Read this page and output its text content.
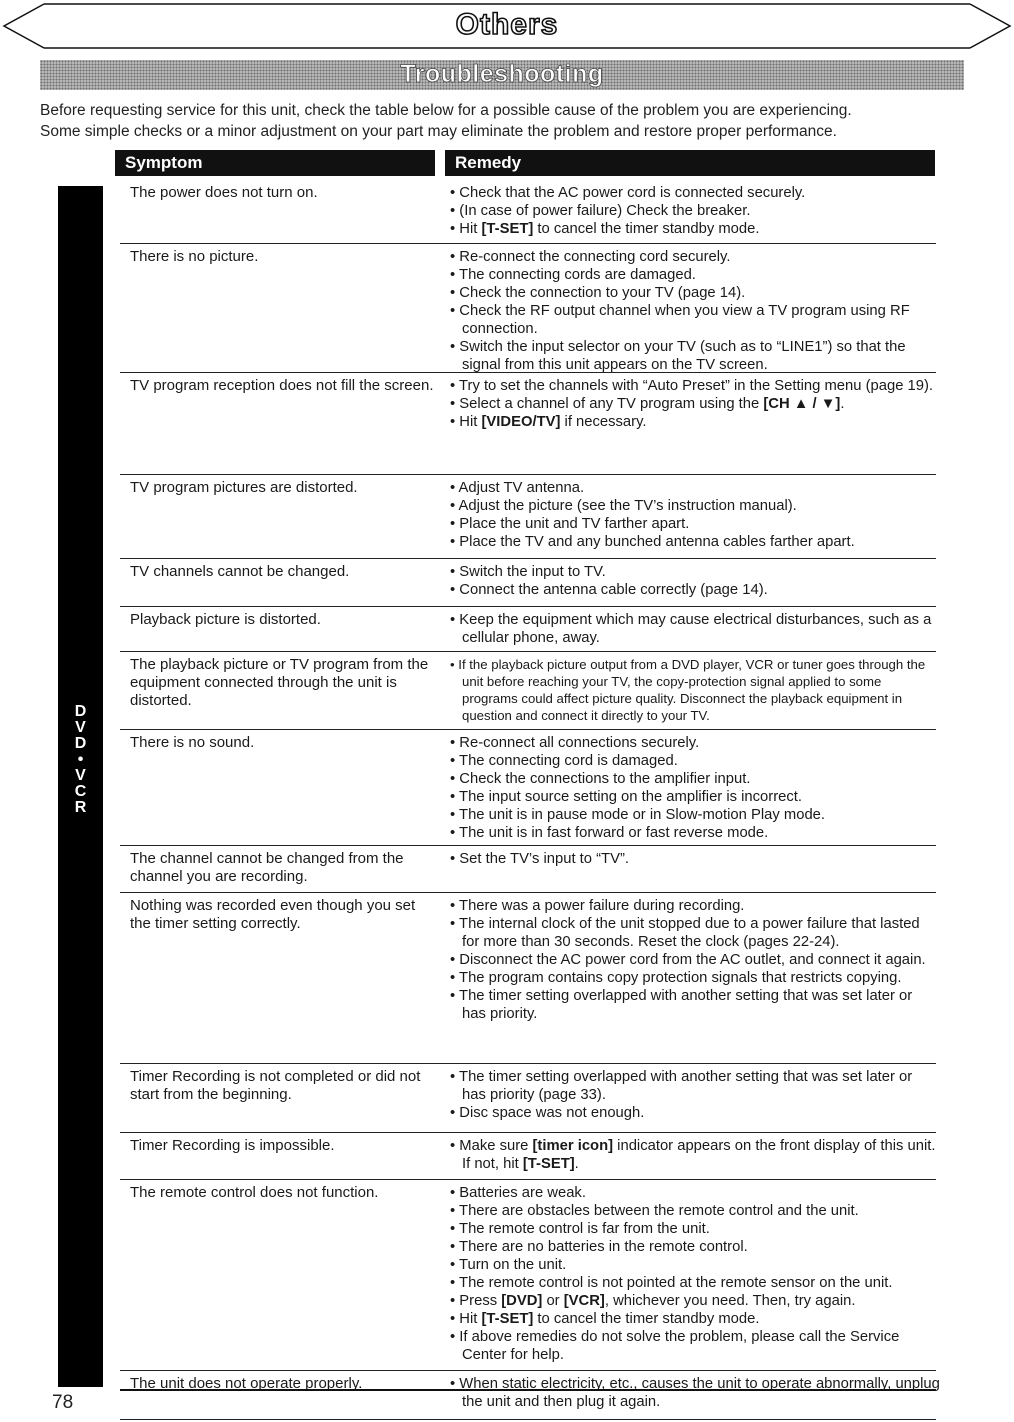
Others
Troubleshooting

Before requesting service for this unit, check the table below for a possible cause of the problem you are experiencing.

Some simple checks or a minor adjustment on your part may eliminate the problem and restore proper performance.

Symptom	Remedy
D
V
D
•
V
C
R
The power does not turn on.	• Check that the AC power cord is connected securely.
• (In case of power failure) Check the breaker.
• Hit [T-SET] to cancel the timer standby mode.
There is no picture.	• Re-connect the connecting cord securely.
• The connecting cords are damaged.
• Check the connection to your TV (page 14).
• Check the RF output channel when you view a TV program using RF connection.
• Switch the input selector on your TV (such as to “LINE1”) so that the signal from this unit appears on the TV screen.
TV program reception does not fill the screen. • Try to set the channels with “Auto Preset” in the Setting menu (page 19).
• Select a channel of any TV program using the [CH ▲ / ▼].
• Hit [VIDEO/TV] if necessary.
TV program pictures are distorted.	• Adjust TV antenna.
• Adjust the picture (see the TV’s instruction manual).
• Place the unit and TV farther apart.
• Place the TV and any bunched antenna cables farther apart.
TV channels cannot be changed.	• Switch the input to TV.
• Connect the antenna cable correctly (page 14).
Playback picture is distorted.	• Keep the equipment which may cause electrical disturbances, such as a cellular phone, away.
The playback picture or TV program from the equipment connected through the unit is distorted.
• If the playback picture output from a DVD player, VCR or tuner goes through the unit before reaching your TV, the copy-protection signal applied to some programs could affect picture quality. Disconnect the playback equipment in question and connect it directly to your TV.
There is no sound.	• Re-connect all connections securely.
• The connecting cord is damaged.
• Check the connections to the amplifier input.
• The input source setting on the amplifier is incorrect.
• The unit is in pause mode or in Slow-motion Play mode.
• The unit is in fast forward or fast reverse mode.
The channel cannot be changed from the channel you are recording.
• Set the TV’s input to “TV”.
Nothing was recorded even though you set the timer setting correctly.
• There was a power failure during recording.
• The internal clock of the unit stopped due to a power failure that lasted for more than 30 seconds. Reset the clock (pages 22-24).
• Disconnect the AC power cord from the AC outlet, and connect it again.
• The program contains copy protection signals that restricts copying.
• The timer setting overlapped with another setting that was set later or has priority.
Timer Recording is not completed or did not start from the beginning.
• The timer setting overlapped with another setting that was set later or has priority (page 33).
• Disc space was not enough.
Timer Recording is impossible.	• Make sure [timer icon] indicator appears on the front display of this unit. If not, hit [T-SET].
The remote control does not function.	• Batteries are weak.
• There are obstacles between the remote control and the unit.
• The remote control is far from the unit.
• There are no batteries in the remote control.
• Turn on the unit.
• The remote control is not pointed at the remote sensor on the unit.
• Press [DVD] or [VCR], whichever you need. Then, try again.
• Hit [T-SET] to cancel the timer standby mode.
• If above remedies do not solve the problem, please call the Service Center for help.
The unit does not operate properly.	• When static electricity, etc., causes the unit to operate abnormally, unplug the unit and then plug it again.
78
